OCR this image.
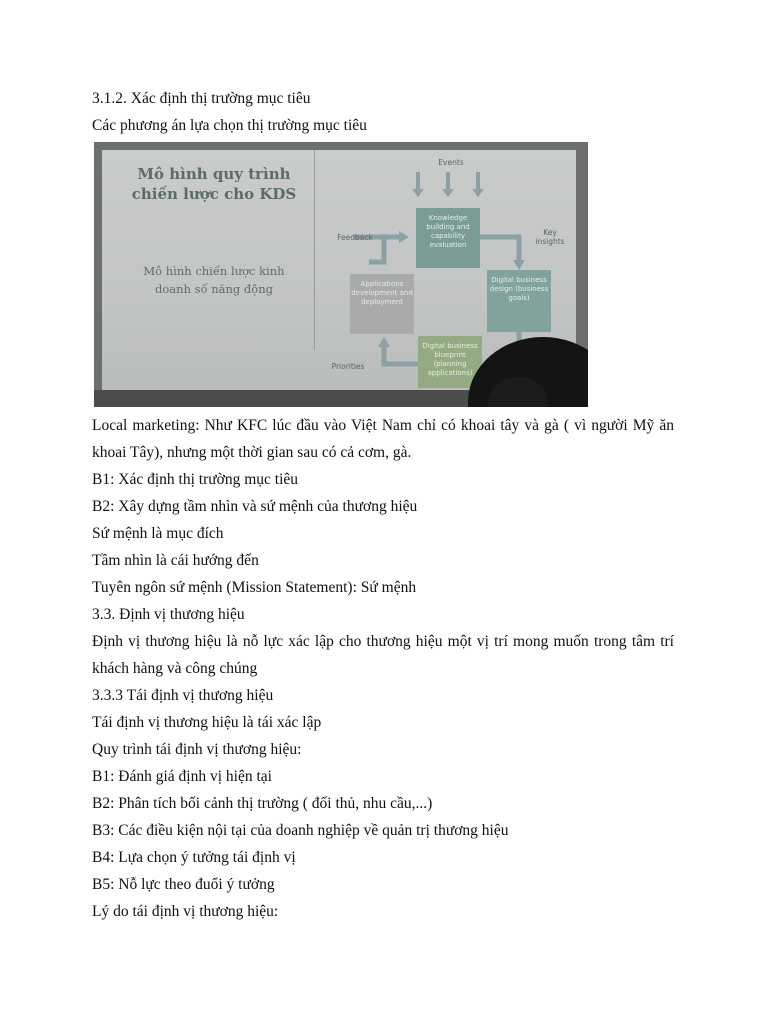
3.1.2. Xác định thị trường mục tiêu
Các phương án lựa chọn thị trường mục tiêu
Mô hình quy trình chiến lược cho KDS
Mô hình chiến lược kinh doanh số năng động
Events
Feedback
Key insights
Priorities
Knowledge building and capability evaluation
Applications development and deployment
Digital business design (business goals)
Digital business blueprint (planning applications)
Local marketing: Như KFC lúc đầu vào Việt Nam chỉ có khoai tây và gà ( vì người Mỹ ăn khoai Tây), nhưng một thời gian sau có cả cơm, gà.
B1: Xác định thị trường mục tiêu
B2: Xây dựng tầm nhìn và sứ mệnh của thương hiệu
Sứ mệnh là mục đích
Tầm nhìn là cái hướng đến
Tuyên ngôn sứ mệnh (Mission Statement): Sứ mệnh
3.3. Định vị thương hiệu
Định vị thương hiệu là nỗ lực xác lập cho thương hiệu một vị trí mong muốn trong tâm trí khách hàng và công chúng
3.3.3 Tái định vị thương hiệu
Tái định vị thương hiệu là tái xác lập
Quy trình tái định vị thương hiệu:
B1: Đánh giá định vị hiện tại
B2: Phân tích bối cảnh thị trường ( đối thủ, nhu cầu,...)
B3: Các điều kiện nội tại của doanh nghiệp về quản trị thương hiệu
B4: Lựa chọn ý tưởng tái định vị
B5: Nỗ lực theo đuổi ý tưởng
Lý do tái định vị thương hiệu:
